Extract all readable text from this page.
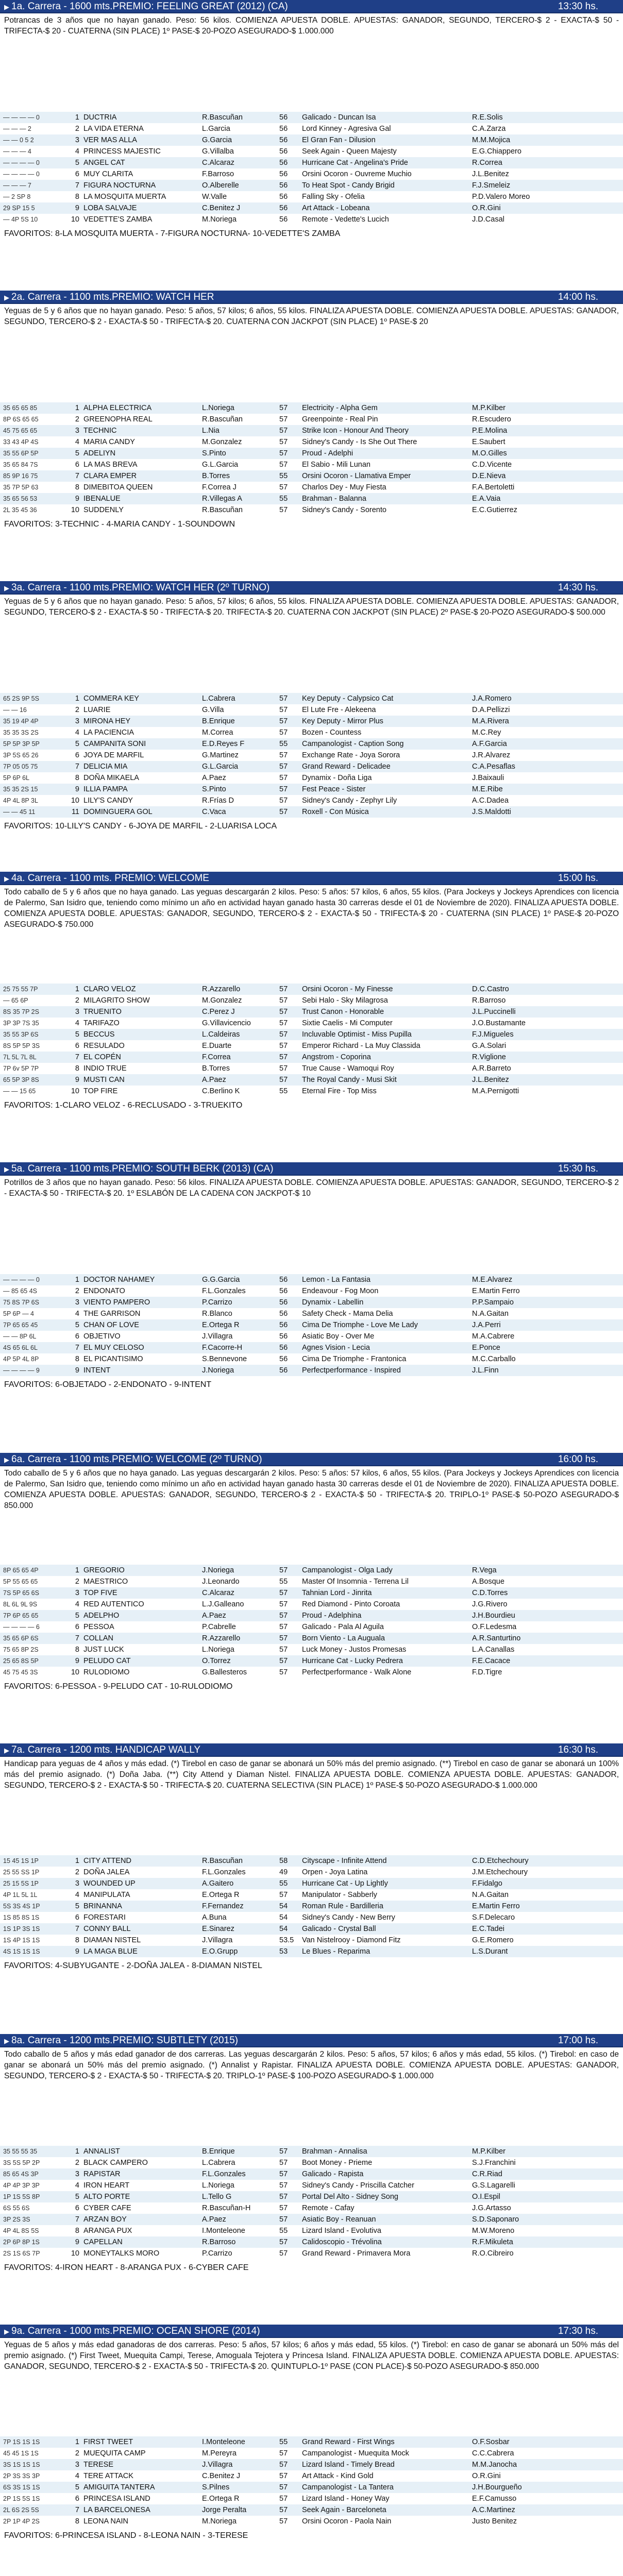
▶ 1a. Carrera - 1600 mts.PREMIO: FEELING GREAT (2012) (CA)	13:30 hs.
Potrancas de 3 años que no hayan ganado. Peso: 56 kilos. COMIENZA APUESTA DOBLE. APUESTAS: GANADOR, SEGUNDO, TERCERO-$ 2 - EXACTA-$ 50 - TRIFECTA-$ 20 - CUATERNA (SIN PLACE) 1º PASE-$ 20-POZO ASEGURADO-$ 1.000.000
— — — — 0	1	DUCTRIA	R.Bascuñan	56	Galicado - Duncan Isa	R.E.Solis
— — — 2	2	LA VIDA ETERNA	L.Garcia	56	Lord Kinney - Agresiva Gal	C.A.Zarza
— — 0 5 2	3	VER MAS ALLA	G.Garcia	56	El Gran Fan - Dilusion	M.M.Mojica
— — — 4	4	PRINCESS MAJESTIC	G.Villalba	56	Seek Again - Queen Majesty	E.G.Chiappero
— — — — 0	5	ANGEL CAT	C.Alcaraz	56	Hurricane Cat - Angelina's Pride	R.Correa
— — — — 0	6	MUY CLARITA	F.Barroso	56	Orsini Ocoron - Ouvreme Muchio	J.L.Benitez
— — — 7	7	FIGURA NOCTURNA	O.Alberelle	56	To Heat Spot - Candy Brigid	F.J.Smeleiz
— 2 SP 8	8	LA MOSQUITA MUERTA	W.Valle	56	Falling Sky - Ofelia	P.D.Valero Moreo
29 SP 15 5	9	LOBA SALVAJE	C.Benitez J	56	Art Attack - Lobeana	O.R.Gini
— 4P 5S 10	10	VEDETTE'S ZAMBA	M.Noriega	56	Remote - Vedette's Lucich	J.D.Casal
FAVORITOS: 8-LA MOSQUITA MUERTA - 7-FIGURA NOCTURNA- 10-VEDETTE'S ZAMBA
▶ 2a. Carrera - 1100 mts.PREMIO: WATCH HER	14:00 hs.
Yeguas de 5 y 6 años que no hayan ganado. Peso: 5 años, 57 kilos; 6 años, 55 kilos. FINALIZA APUESTA DOBLE. COMIENZA APUESTA DOBLE. APUESTAS: GANADOR, SEGUNDO, TERCERO-$ 2 - EXACTA-$ 50 - TRIFECTA-$ 20. CUATERNA CON JACKPOT (SIN PLACE) 1º PASE-$ 20
35 65 65 85	1	ALPHA ELECTRICA	L.Noriega	57	Electricity - Alpha Gem	M.P.Kilber
8P 6S 65 65	2	GREENOPHA REAL	R.Bascuñan	57	Greenpointe - Real Pin	R.Escudero
45 75 65 65	3	TECHNIC	L.Nia	57	Strike Icon - Honour And Theory	P.E.Molina
33 43 4P 4S	4	MARIA CANDY	M.Gonzalez	57	Sidney's Candy - Is She Out There	E.Saubert
35 55 6P 5P	5	ADELIYN	S.Pinto	57	Proud - Adelphi	M.O.Gilles
35 65 84 7S	6	LA MAS BREVA	G.L.Garcia	57	El Sabio - Mili Lunan	C.D.Vicente
85 9P 16 75	7	CLARA EMPER	B.Torres	55	Orsini Ocoron - Llamativa Emper	D.E.Nieva
35 7P 5P 63	8	DIMEBITOA QUEEN	F.Correa J	57	Charlos Dey - Muy Fiesta	F.A.Bertoletti
35 65 56 53	9	IBENALUE	R.Villegas A	55	Brahman - Balanna	E.A.Vaia
2L 35 45 36	10	SUDDENLY	R.Bascuñan	57	Sidney's Candy - Sorento	E.C.Gutierrez
FAVORITOS: 3-TECHNIC - 4-MARIA CANDY - 1-SOUNDOWN
▶ 3a. Carrera - 1100 mts.PREMIO: WATCH HER (2º TURNO)	14:30 hs.
Yeguas de 5 y 6 años que no hayan ganado. Peso: 5 años, 57 kilos; 6 años, 55 kilos. FINALIZA APUESTA DOBLE. COMIENZA APUESTA DOBLE. APUESTAS: GANADOR, SEGUNDO, TERCERO-$ 2 - EXACTA-$ 50 - TRIFECTA-$ 20. TRIFECTA-$ 20. CUATERNA CON JACKPOT (SIN PLACE) 2º PASE-$ 20-POZO ASEGURADO-$ 500.000
65 2S 9P 5S	1	COMMERA KEY	L.Cabrera	57	Key Deputy - Calypsico Cat	J.A.Romero
— — 16	2	LUARIE	G.Villa	57	El Lute Fre - Alekeena	D.A.Pellizzi
35 19 4P 4P	3	MIRONA HEY	B.Enrique	57	Key Deputy - Mirror Plus	M.A.Rivera
35 35 3S 2S	4	LA PACIENCIA	M.Correa	57	Bozen - Countess	M.C.Rey
5P 5P 3P 5P	5	CAMPANITA SONI	E.D.Reyes F	55	Campanologist - Caption Song	A.F.Garcia
3P 5S 65 26	6	JOYA DE MARFIL	G.Martinez	57	Exchange Rate - Joya Sorora	J.R.Alvarez
7P 05 05 75	7	DELICIA MIA	G.L.Garcia	57	Grand Reward - Delicadee	C.A.Pesaflas
5P 6P 6L	8	DOÑA MIKAELA	A.Paez	57	Dynamix - Doña Liga	J.Baixauli
35 35 2S 15	9	ILLIA PAMPA	S.Pinto	57	Fest Peace - Sister	M.E.Ribe
4P 4L 8P 3L	10	LILY'S CANDY	R.Frías D	57	Sidney's Candy - Zephyr Lily	A.C.Dadea
— — 45 11	11	DOMINGUERA GOL	C.Vaca	57	Roxell - Con Música	J.S.Maldotti
FAVORITOS: 10-LILY'S CANDY - 6-JOYA DE MARFIL - 2-LUARISA LOCA
▶ 4a. Carrera - 1100 mts. PREMIO: WELCOME	15:00 hs.
Todo caballo de 5 y 6 años que no haya ganado. Las yeguas descargarán 2 kilos. Peso: 5 años: 57 kilos, 6 años, 55 kilos. (Para Jockeys y Jockeys Aprendices con licencia de Palermo, San Isidro que, teniendo como mínimo un año en actividad hayan ganado hasta 30 carreras desde el 01 de Noviembre de 2020). FINALIZA APUESTA DOBLE. COMIENZA APUESTA DOBLE. APUESTAS: GANADOR, SEGUNDO, TERCERO-$ 2 - EXACTA-$ 50 - TRIFECTA-$ 20 - CUATERNA (SIN PLACE) 1º PASE-$ 20-POZO ASEGURADO-$ 750.000
25 75 55 7P	1	CLARO VELOZ	R.Azzarello	57	Orsini Ocoron - My Finesse	D.C.Castro
— 65 6P	2	MILAGRITO SHOW	M.Gonzalez	57	Sebi Halo - Sky Milagrosa	R.Barroso
8S 35 7P 2S	3	TRUENITO	C.Perez J	57	Trust Canon - Honorable	J.L.Puccinelli
3P 3P 7S 35	4	TARIFAZO	G.Villavicencio	57	Sixtie Caelis - Mi Computer	J.O.Bustamante
35 55 3P 6S	5	BECCUS	L.Caldeiras	57	Incluvable Optimist - Miss Pupilla	F.J.Migueles
8S 5P 5P 3S	6	RESULADO	E.Duarte	57	Emperor Richard - La Muy Classida	G.A.Solari
7L 5L 7L 8L	7	EL COPÉN	F.Correa	57	Angstrom - Coporina	R.Viglione
7P 6v 5P 7P	8	INDIO TRUE	B.Torres	57	True Cause - Wamoqui Roy	A.R.Barreto
65 5P 3P 8S	9	MUSTI CAN	A.Paez	57	The Royal Candy - Musi Skit	J.L.Benitez
— — 15 65	10	TOP FIRE	C.Berlino K	55	Eternal Fire - Top Miss	M.A.Pernigotti
FAVORITOS: 1-CLARO VELOZ - 6-RECLUSADO - 3-TRUEKITO
▶ 5a. Carrera - 1100 mts.PREMIO: SOUTH BERK (2013) (CA)	15:30 hs.
Potrillos de 3 años que no hayan ganado. Peso: 56 kilos. FINALIZA APUESTA DOBLE. COMIENZA APUESTA DOBLE. APUESTAS: GANADOR, SEGUNDO, TERCERO-$ 2 - EXACTA-$ 50 - TRIFECTA-$ 20. 1º ESLABÓN DE LA CADENA CON JACKPOT-$ 10
— — — — 0	1	DOCTOR NAHAMEY	G.G.Garcia	56	Lemon - La Fantasia	M.E.Alvarez
— 85 65 4S	2	ENDONATO	F.L.Gonzales	56	Endeavour - Fog Moon	E.Martin Ferro
75 8S 7P 6S	3	VIENTO PAMPERO	P.Carrizo	56	Dynamix - Labellin	P.P.Sampaio
5P 6P — 4	4	THE GARRISON	R.Blanco	56	Safety Check - Mama Delia	N.A.Gaitan
7P 65 65 45	5	CHAN OF LOVE	E.Ortega R	56	Cima De Triomphe - Love Me Lady	J.A.Perri
— — 8P 6L	6	OBJETIVO	J.Villagra	56	Asiatic Boy - Over Me	M.A.Cabrere
4S 65 6L 6L	7	EL MUY CELOSO	F.Cacorre-H	56	Agnes Vision - Lecia	E.Ponce
4P 5P 4L 8P	8	EL PICANTISIMO	S.Bennevone	56	Cima De Triomphe - Frantonica	M.C.Carballo
— — — — 9	9	INTENT	J.Noriega	56	Perfectperformance - Inspired	J.L.Finn
FAVORITOS: 6-OBJETADO - 2-ENDONATO - 9-INTENT
▶ 6a. Carrera - 1100 mts.PREMIO: WELCOME (2º TURNO)	16:00 hs.
Todo caballo de 5 y 6 años que no haya ganado. Las yeguas descargarán 2 kilos. Peso: 5 años: 57 kilos, 6 años, 55 kilos. (Para Jockeys y Jockeys Aprendices con licencia de Palermo, San Isidro que, teniendo como mínimo un año en actividad hayan ganado hasta 30 carreras desde el 01 de Noviembre de 2020). FINALIZA APUESTA DOBLE. COMIENZA APUESTA DOBLE. APUESTAS: GANADOR, SEGUNDO, TERCERO-$ 2 - EXACTA-$ 50 - TRIFECTA-$ 20. TRIPLO-1º PASE-$ 50-POZO ASEGURADO-$ 850.000
8P 65 65 4P	1	GREGORIO	J.Noriega	57	Campanologist - Olga Lady	R.Vega
5P 55 65 65	2	MAESTRICO	J.Leonardo	55	Master Of Insomnia - Terrena Lil	A.Bosque
7S 5P 65 6S	3	TOP FIVE	C.Alcaraz	57	Tahnian Lord - Jinrita	C.D.Torres
8L 6L 9L 9S	4	RED AUTENTICO	L.J.Galleano	57	Red Diamond - Pinto Coroata	J.G.Rivero
7P 6P 65 65	5	ADELPHO	A.Paez	57	Proud - Adelphina	J.H.Bourdieu
— — — — 6	6	PESSOA	P.Cabrelle	57	Galicado - Pala Al Aguila	O.F.Ledesma
35 65 6P 6S	7	COLLAN	R.Azzarello	57	Born Viento - La Auguala	A.R.Santurtino
75 65 8P 2S	8	JUST LUCK	L.Noriega	57	Luck Money - Justos Promesas	L.A.Canallas
25 65 8S 5P	9	PELUDO CAT	O.Torrez	57	Hurricane Cat - Lucky Pedrera	F.E.Cacace
45 75 45 3S	10	RULODIOMO	G.Ballesteros	57	Perfectperformance - Walk Alone	F.D.Tigre
FAVORITOS: 6-PESSOA - 9-PELUDO CAT - 10-RULODIOMO
▶ 7a. Carrera - 1200 mts. HANDICAP WALLY	16:30 hs.
Handicap para yeguas de 4 años y más edad. (*) Tirebol en caso de ganar se abonará un 50% más del premio asignado. (**) Tirebol en caso de ganar se abonará un 100% más del premio asignado. (*) Doña Jaba. (**) City Attend y Diaman Nistel. FINALIZA APUESTA DOBLE. COMIENZA APUESTA DOBLE. APUESTAS: GANADOR, SEGUNDO, TERCERO-$ 2 - EXACTA-$ 50 - TRIFECTA-$ 20. CUATERNA SELECTIVA (SIN PLACE) 1º PASE-$ 50-POZO ASEGURADO-$ 1.000.000
15 45 1S 1P	1	CITY ATTEND	R.Bascuñan	58	Cityscape - Infinite Attend	C.D.Etchechoury
25 55 SS 1P	2	DOÑA JALEA	F.L.Gonzales	49	Orpen - Joya Latina	J.M.Etchechoury
25 15 5S 1P	3	WOUNDED UP	A.Gaitero	55	Hurricane Cat - Up Lightly	F.Fidalgo
4P 1L 5L 1L	4	MANIPULATA	E.Ortega R	57	Manipulator - Sabberly	N.A.Gaitan
5S 3S 4S 1P	5	BRINANNA	F.Fernandez	54	Roman Rule - Bardilleria	E.Martin Ferro
1S 85 8S 1S	6	FORESTARI	A.Buna	54	Sidney's Candy - New Berry	S.F.Delecaro
1S 1P 3S 1S	7	CONNY BALL	E.Sinarez	54	Galicado - Crystal Ball	E.C.Tadei
1S 4P 1S 1S	8	DIAMAN NISTEL	J.Villagra	53.5	Van Nistelrooy - Diamond Fitz	G.E.Romero
4S 1S 1S 1S	9	LA MAGA BLUE	E.O.Grupp	53	Le Blues - Reparima	L.S.Durant
FAVORITOS: 4-SUBYUGANTE - 2-DOÑA JALEA - 8-DIAMAN NISTEL
▶ 8a. Carrera - 1200 mts.PREMIO: SUBTLETY (2015)	17:00 hs.
Todo caballo de 5 años y más edad ganador de dos carreras. Las yeguas descargarán 2 kilos. Peso: 5 años, 57 kilos; 6 años y más edad, 55 kilos. (*) Tirebol: en caso de ganar se abonará un 50% más del premio asignado. (*) Annalist y Rapistar. FINALIZA APUESTA DOBLE. COMIENZA APUESTA DOBLE. APUESTAS: GANADOR, SEGUNDO, TERCERO-$ 2 - EXACTA-$ 50 - TRIFECTA-$ 20. TRIPLO-1º PASE-$ 100-POZO ASEGURADO-$ 1.000.000
35 55 55 35	1	ANNALIST	B.Enrique	57	Brahman - Annalisa	M.P.Kilber
3S 5S 5P 2P	2	BLACK CAMPERO	L.Cabrera	57	Boot Money - Prieme	S.J.Franchini
85 65 4S 3P	3	RAPISTAR	F.L.Gonzales	57	Galicado - Rapista	C.R.Riad
4P 4P 3P 3P	4	IRON HEART	L.Noriega	57	Sidney's Candy - Priscilla Catcher	G.S.Lagarelli
1P 1S 5S 8P	5	ALTO PORTE	L.Tello G	57	Portal Del Alto - Sidney Song	O.I.Espil
6S 55 6S	6	CYBER CAFE	R.Bascuñan-H	57	Remote - Cafay	J.G.Artasso
3P 2S 3S	7	ARZAN BOY	A.Paez	57	Asiatic Boy - Reanuan	S.D.Saponaro
4P 4L 8S 5S	8	ARANGA PUX	I.Monteleone	55	Lizard Island - Evolutiva	M.W.Moreno
2P 6P 8P 1S	9	CAPELLAN	R.Barroso	57	Calidoscopio - Trévolina	R.F.Mikuleta
2S 1S 6S 7P	10	MONEYTALKS MORO	P.Carrizo	57	Grand Reward - Primavera Mora	R.O.Cibreiro
FAVORITOS: 4-IRON HEART - 8-ARANGA PUX - 6-CYBER CAFE
▶ 9a. Carrera - 1000 mts.PREMIO: OCEAN SHORE (2014)	17:30 hs.
Yeguas de 5 años y más edad ganadoras de dos carreras. Peso: 5 años, 57 kilos; 6 años y más edad, 55 kilos. (*) Tirebol: en caso de ganar se abonará un 50% más del premio asignado. (*) First Tweet, Muequita Campi, Terese, Amoguala Tejotera y Princesa Island. FINALIZA APUESTA DOBLE. COMIENZA APUESTA DOBLE. APUESTAS: GANADOR, SEGUNDO, TERCERO-$ 2 - EXACTA-$ 50 - TRIFECTA-$ 20. QUINTUPLO-1º PASE (CON PLACE)-$ 50-POZO ASEGURADO-$ 850.000
7P 1S 1S 1S	1	FIRST TWEET	I.Monteleone	55	Grand Reward - First Wings	O.F.Sosbar
45 45 1S 1S	2	MUEQUITA CAMP	M.Pereyra	57	Campanologist - Muequita Mock	C.C.Cabrera
3S 1S 1S 1S	3	TERESE	J.Villagra	57	Lizard Island - Timely Bread	M.M.Janocha
2P 3S 3S 3P	4	TERE ATTACK	C.Benitez J	57	Art Attack - Kind Gold	O.R.Gini
6S 3S 1S 1S	5	AMIGUITA TANTERA	S.Pilnes	57	Campanologist - La Tantera	J.H.Bourgueño
2P 1S 5S 1S	6	PRINCESA ISLAND	E.Ortega R	57	Lizard Island - Honey Way	E.F.Camusso
2L 6S 2S 5S	7	LA BARCELONESA	Jorge Peralta	57	Seek Again - Barceloneta	A.C.Martinez
2P 1P 4P 2S	8	LEONA NAIN	M.Noriega	57	Orsini Ocoron - Paola Nain	Justo Benitez
FAVORITOS: 6-PRINCESA ISLAND - 8-LEONA NAIN - 3-TERESE
